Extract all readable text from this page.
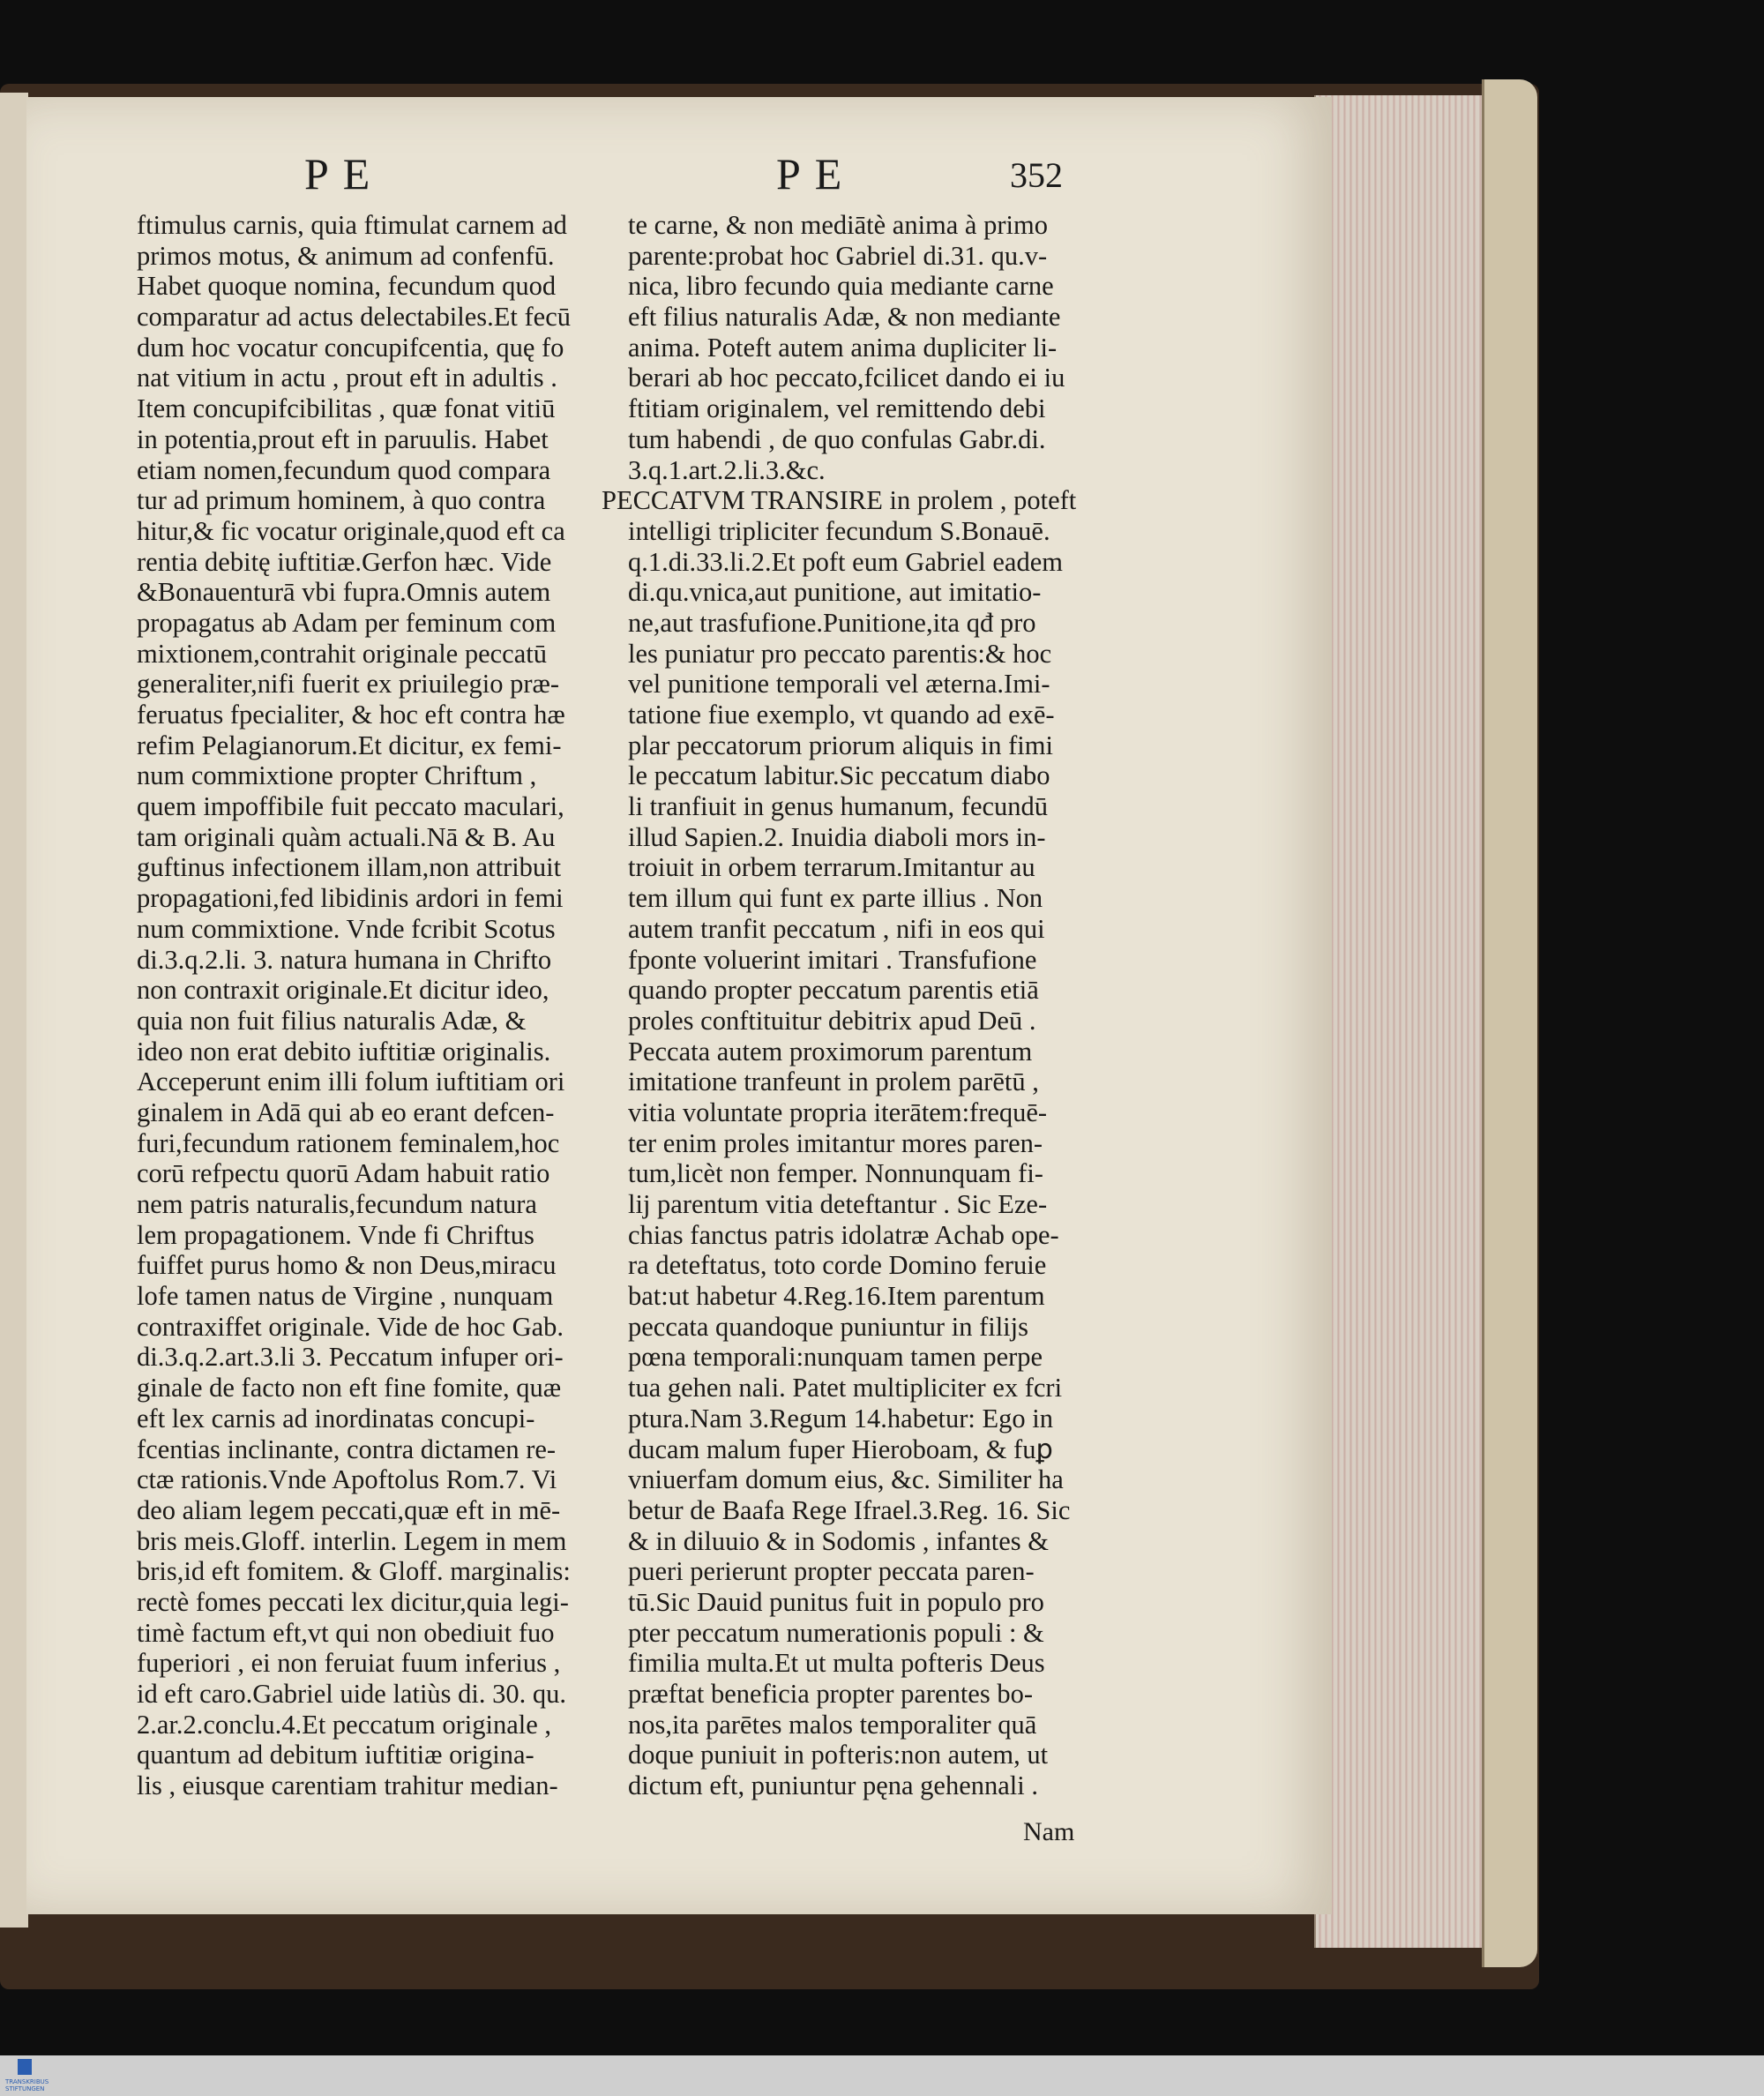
PE	PE	352
ftimulus carnis, quia ftimulat carnem ad
primos motus, & animum ad confenfū.
Habet quoque nomina, fecundum quod
comparatur ad actus delectabiles.Et fecū
dum hoc vocatur concupifcentia, quę fo
nat vitium in actu , prout eft in adultis .
Item concupifcibilitas , quæ fonat vitiū
in potentia,prout eft in paruulis. Habet
etiam nomen,fecundum quod compara
tur ad primum hominem, à quo contra
hitur,& fic vocatur originale,quod eft ca
rentia debitę iuftitiæ.Gerfon hæc. Vide
&Bonauenturā vbi fupra.Omnis autem
propagatus ab Adam per feminum com
mixtionem,contrahit originale peccatū
generaliter,nifi fuerit ex priuilegio præ-
feruatus fpecialiter, & hoc eft contra hæ
refim Pelagianorum.Et dicitur, ex femi-
num commixtione propter Chriftum ,
quem impoffibile fuit peccato maculari,
tam originali quàm actuali.Nā & B. Au
guftinus infectionem illam,non attribuit
propagationi,fed libidinis ardori in femi
num commixtione. Vnde fcribit Scotus
di.3.q.2.li. 3. natura humana in Chrifto
non contraxit originale.Et dicitur ideo,
quia non fuit filius naturalis Adæ, &
ideo non erat debito iuftitiæ originalis.
Acceperunt enim illi folum iuftitiam ori
ginalem in Adā qui ab eo erant defcen-
furi,fecundum rationem feminalem,hoc
corū refpectu quorū Adam habuit ratio
nem patris naturalis,fecundum natura
lem propagationem. Vnde fi Chriftus
fuiffet purus homo & non Deus,miracu
lofe tamen natus de Virgine , nunquam
contraxiffet originale. Vide de hoc Gab.
di.3.q.2.art.3.li 3. Peccatum infuper ori-
ginale de facto non eft fine fomite, quæ
eft lex carnis ad inordinatas concupi-
fcentias inclinante, contra dictamen re-
ctæ rationis.Vnde Apoftolus Rom.7. Vi
deo aliam legem peccati,quæ eft in mē-
bris meis.Gloff. interlin. Legem in mem
bris,id eft fomitem. & Gloff. marginalis:
rectè fomes peccati lex dicitur,quia legi-
timè factum eft,vt qui non obediuit fuo
fuperiori , ei non feruiat fuum inferius ,
id eft caro.Gabriel uide latiùs di. 30. qu.
2.ar.2.conclu.4.Et peccatum originale ,
quantum ad debitum iuftitiæ origina-
lis , eiusque carentiam trahitur median-
te carne, & non mediātè anima à primo
parente:probat hoc Gabriel di.31. qu.v-
nica, libro fecundo quia mediante carne
eft filius naturalis Adæ, & non mediante
anima. Poteft autem anima dupliciter li-
berari ab hoc peccato,fcilicet dando ei iu
ftitiam originalem, vel remittendo debi
tum habendi , de quo confulas Gabr.di.
3.q.1.art.2.li.3.&c.
PECCATVM TRANSIRE in prolem , poteft
intelligi tripliciter fecundum S.Bonauē.
q.1.di.33.li.2.Et poft eum Gabriel eadem
di.qu.vnica,aut punitione, aut imitatio-
ne,aut trasfufione.Punitione,ita qđ pro
les puniatur pro peccato parentis:& hoc
vel punitione temporali vel æterna.Imi-
tatione fiue exemplo, vt quando ad exē-
plar peccatorum priorum aliquis in fimi
le peccatum labitur.Sic peccatum diabo
li tranfiuit in genus humanum, fecundū
illud Sapien.2. Inuidia diaboli mors in-
troiuit in orbem terrarum.Imitantur au
tem illum qui funt ex parte illius . Non
autem tranfit peccatum , nifi in eos qui
fponte voluerint imitari . Transfufione
quando propter peccatum parentis etiā
proles conftituitur debitrix apud Deū .
Peccata autem proximorum parentum
imitatione tranfeunt in prolem parētū ,
vitia voluntate propria iterātem:frequē-
ter enim proles imitantur mores paren-
tum,licèt non femper. Nonnunquam fi-
lij parentum vitia deteftantur . Sic Eze-
chias fanctus patris idolatræ Achab ope-
ra deteftatus, toto corde Domino feruie
bat:ut habetur 4.Reg.16.Item parentum
peccata quandoque puniuntur in filijs
pœna temporali:nunquam tamen perpe
tua gehen nali. Patet multipliciter ex fcri
ptura.Nam 3.Regum 14.habetur: Ego in
ducam malum fuper Hieroboam, & fuꝑ
vniuerfam domum eius, &c. Similiter ha
betur de Baafa Rege Ifrael.3.Reg. 16. Sic
& in diluuio & in Sodomis , infantes &
pueri perierunt propter peccata paren-
tū.Sic Dauid punitus fuit in populo pro
pter peccatum numerationis populi : &
fimilia multa.Et ut multa pofteris Deus
præftat beneficia propter parentes bo-
nos,ita parētes malos temporaliter quā
doque puniuit in pofteris:non autem, ut
dictum eft, puniuntur pęna gehennali .
Nam
TRANSKRIBUS STIFTUNGEN
